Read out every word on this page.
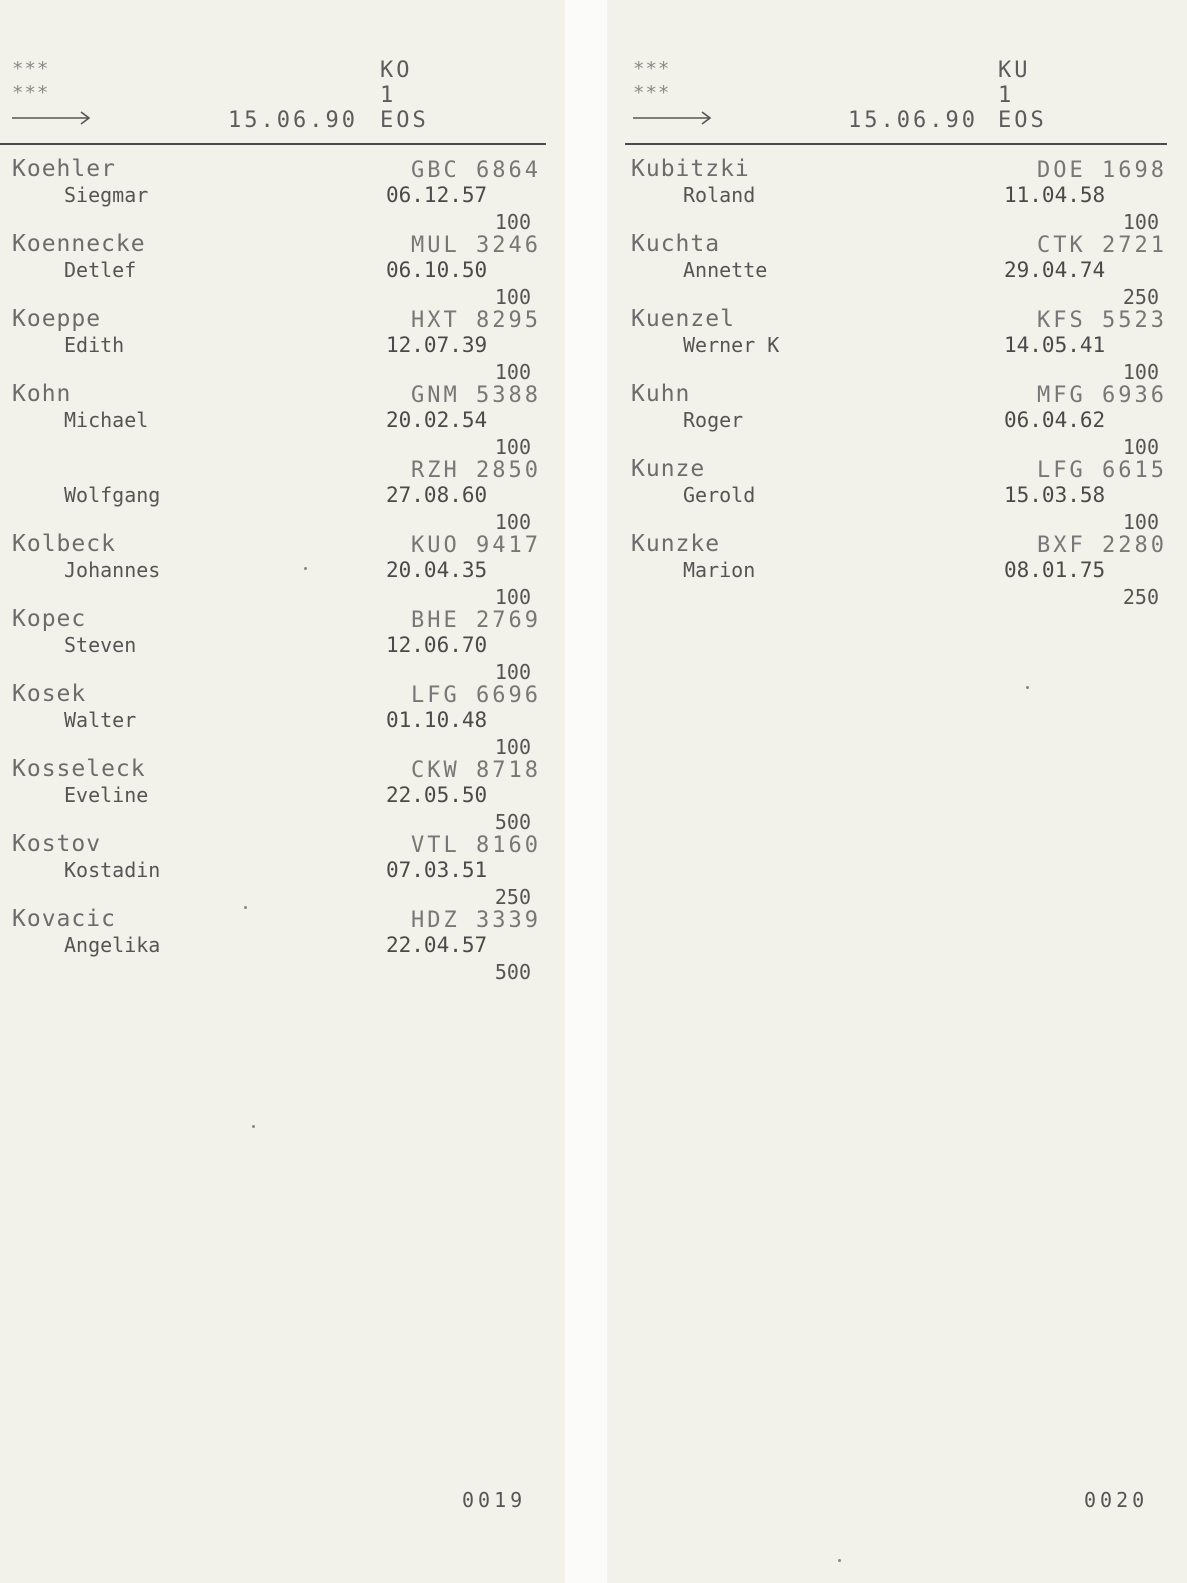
***
***
15.06.90
KO
1
EOS
Koehler	GBC 6864
Siegmar	06.12.57
100
Koennecke	MUL 3246
Detlef	06.10.50
100
Koeppe	HXT 8295
Edith	12.07.39
100
Kohn	GNM 5388
Michael	20.02.54
100
RZH 2850
Wolfgang	27.08.60
100
Kolbeck	KUO 9417
Johannes	20.04.35
100
Kopec	BHE 2769
Steven	12.06.70
100
Kosek	LFG 6696
Walter	01.10.48
100
Kosseleck	CKW 8718
Eveline	22.05.50
500
Kostov	VTL 8160
Kostadin	07.03.51
250
Kovacic	HDZ 3339
Angelika	22.04.57
500
0019
***
***
15.06.90
KU
1
EOS
Kubitzki	DOE 1698
Roland	11.04.58
100
Kuchta	CTK 2721
Annette	29.04.74
250
Kuenzel	KFS 5523
Werner K	14.05.41
100
Kuhn	MFG 6936
Roger	06.04.62
100
Kunze	LFG 6615
Gerold	15.03.58
100
Kunzke	BXF 2280
Marion	08.01.75
250
0020
